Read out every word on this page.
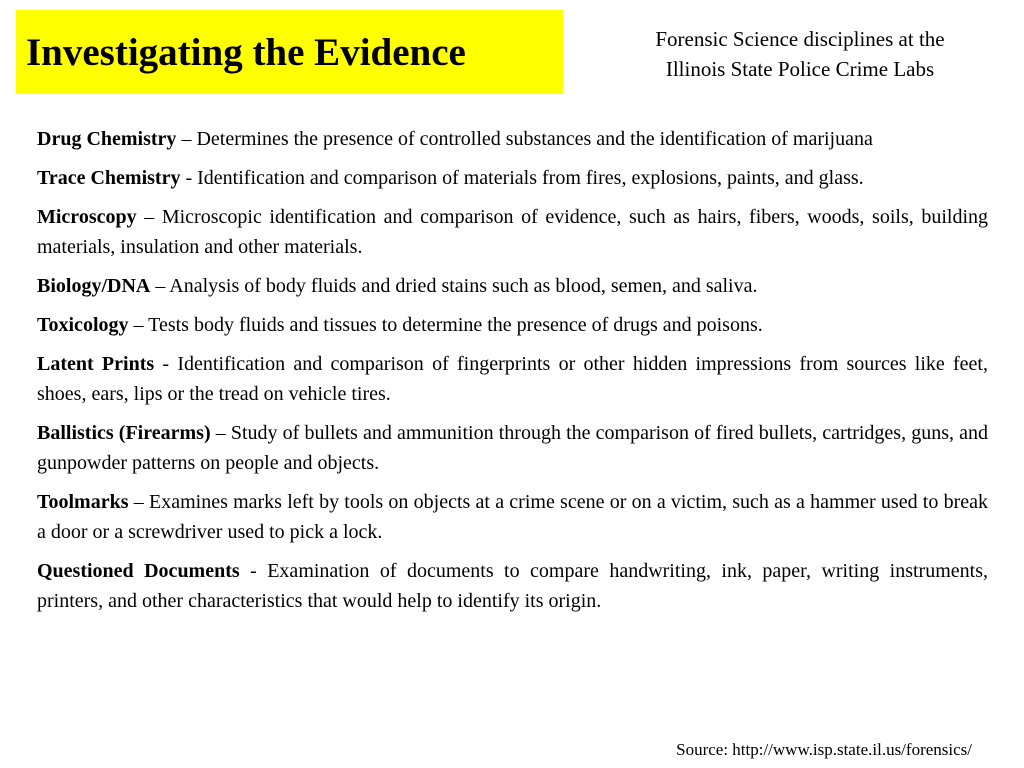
Investigating the Evidence	Forensic Science disciplines at the
Illinois State Police Crime Labs

Drug Chemistry – Determines the presence of controlled substances and the identification of marijuana

Trace Chemistry - Identification and comparison of materials from fires, explosions, paints, and glass.

Microscopy – Microscopic identification and comparison of evidence, such as hairs, fibers, woods, soils, building materials, insulation and other materials.

Biology/DNA – Analysis of body fluids and dried stains such as blood, semen, and saliva.

Toxicology – Tests body fluids and tissues to determine the presence of drugs and poisons.

Latent Prints - Identification and comparison of fingerprints or other hidden impressions from sources like feet, shoes, ears, lips or the tread on vehicle tires.

Ballistics (Firearms) – Study of bullets and ammunition through the comparison of fired bullets, cartridges, guns, and gunpowder patterns on people and objects.

Toolmarks – Examines marks left by tools on objects at a crime scene or on a victim, such as a hammer used to break a door or a screwdriver used to pick a lock.

Questioned Documents - Examination of documents to compare handwriting, ink, paper, writing instruments, printers, and other characteristics that would help to identify its origin.

Source: http://www.isp.state.il.us/forensics/
